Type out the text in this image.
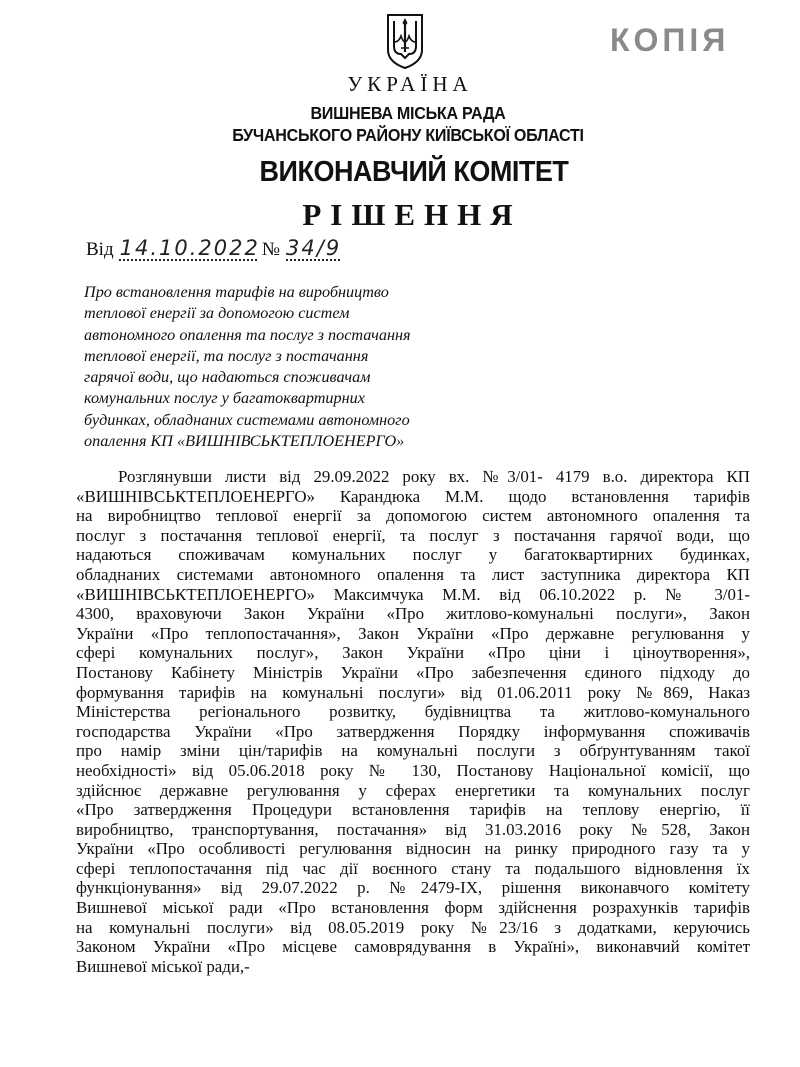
КОПІЯ
УКРАЇНА
ВИШНЕВА МІСЬКА РАДА
БУЧАНСЬКОГО РАЙОНУ КИЇВСЬКОЇ ОБЛАСТІ
ВИКОНАВЧИЙ КОМІТЕТ
РІШЕННЯ
Від 14.10.2022 № 34/9
Про встановлення тарифів на виробництво
теплової енергії за допомогою систем
автономного опалення та послуг з постачання
теплової енергії, та послуг з постачання
гарячої води, що надаються споживачам
комунальних послуг у багатоквартирних
будинках, обладнаних системами автономного
опалення КП «ВИШНІВСЬКТЕПЛОЕНЕРГО»
Розглянувши листи від 29.09.2022 року вх. №3/01- 4179 в.о. директора КП
«ВИШНІВСЬКТЕПЛОЕНЕРГО» Карандюка М.М. щодо встановлення тарифів
на виробництво теплової енергії за допомогою систем автономного опалення та
послуг з постачання теплової енергії, та послуг з постачання гарячої води, що
надаються споживачам комунальних послуг у багатоквартирних будинках,
обладнаних системами автономного опалення та лист заступника директора КП
«ВИШНІВСЬКТЕПЛОЕНЕРГО» Максимчука М.М. від 06.10.2022 р. № 3/01-
4300, враховуючи Закон України «Про житлово-комунальні послуги», Закон
України «Про теплопостачання», Закон України «Про державне регулювання у
сфері комунальних послуг», Закон України «Про ціни і ціноутворення»,
Постанову Кабінету Міністрів України «Про забезпечення єдиного підходу до
формування тарифів на комунальні послуги» від 01.06.2011 року №869, Наказ
Міністерства регіонального розвитку, будівництва та житлово-комунального
господарства України «Про затвердження Порядку інформування споживачів
про намір зміни цін/тарифів на комунальні послуги з обґрунтуванням такої
необхідності» від 05.06.2018 року № 130, Постанову Національної комісії, що
здійснює державне регулювання у сферах енергетики та комунальних послуг
«Про затвердження Процедури встановлення тарифів на теплову енергію, її
виробництво, транспортування, постачання» від 31.03.2016 року №528, Закон
України «Про особливості регулювання відносин на ринку природного газу та у
сфері теплопостачання під час дії воєнного стану та подальшого відновлення їх
функціонування» від 29.07.2022 р. №2479-IX, рішення виконавчого комітету
Вишневої міської ради «Про встановлення форм здійснення розрахунків тарифів
на комунальні послуги» від 08.05.2019 року №23/16 з додатками, керуючись
Законом України «Про місцеве самоврядування в Україні», виконавчий комітет
Вишневої міської ради,-
